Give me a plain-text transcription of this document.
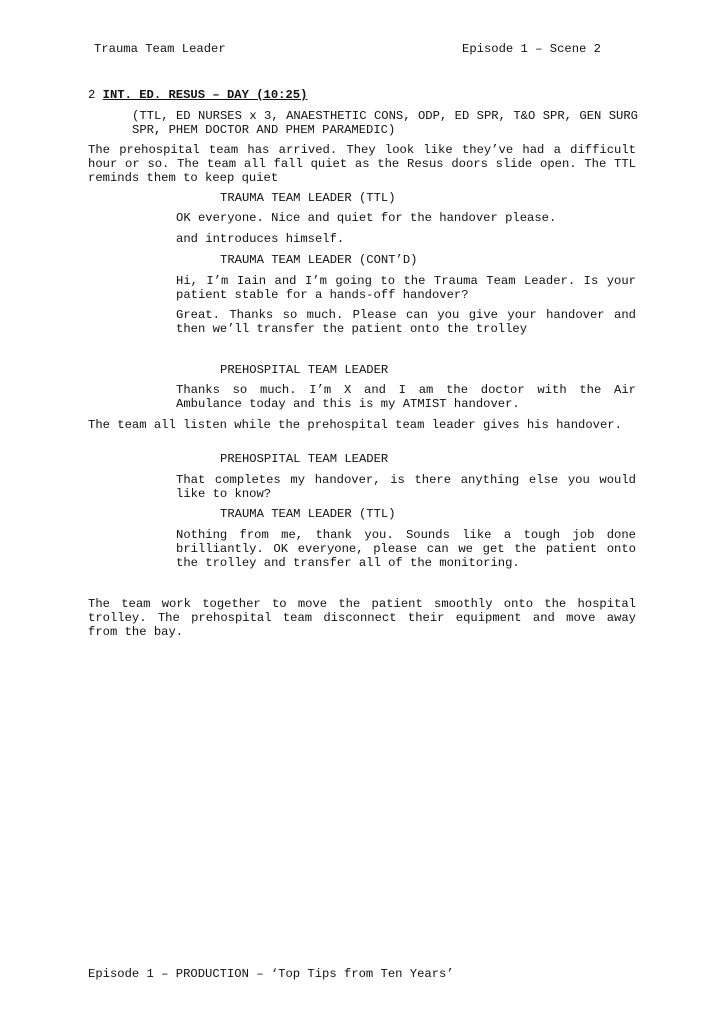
Trauma Team Leader	Episode 1 – Scene 2
2 INT. ED. RESUS – DAY (10:25)
(TTL, ED NURSES x 3, ANAESTHETIC CONS, ODP, ED SPR, T&O SPR, GEN SURG SPR, PHEM DOCTOR AND PHEM PARAMEDIC)
The prehospital team has arrived. They look like they’ve had a difficult hour or so. The team all fall quiet as the Resus doors slide open. The TTL reminds them to keep quiet
TRAUMA TEAM LEADER (TTL)
OK everyone. Nice and quiet for the handover please.
and introduces himself.
TRAUMA TEAM LEADER (CONT’D)
Hi, I’m Iain and I’m going to the Trauma Team Leader. Is your patient stable for a hands-off handover?
Great. Thanks so much. Please can you give your handover and then we’ll transfer the patient onto the trolley
PREHOSPITAL TEAM LEADER
Thanks so much. I’m X and I am the doctor with the Air Ambulance today and this is my ATMIST handover.
The team all listen while the prehospital team leader gives his handover.
PREHOSPITAL TEAM LEADER
That completes my handover, is there anything else you would like to know?
TRAUMA TEAM LEADER (TTL)
Nothing from me, thank you. Sounds like a tough job done brilliantly. OK everyone, please can we get the patient onto the trolley and transfer all of the monitoring.
The team work together to move the patient smoothly onto the hospital trolley. The prehospital team disconnect their equipment and move away from the bay.
Episode 1 – PRODUCTION – ‘Top Tips from Ten Years’
